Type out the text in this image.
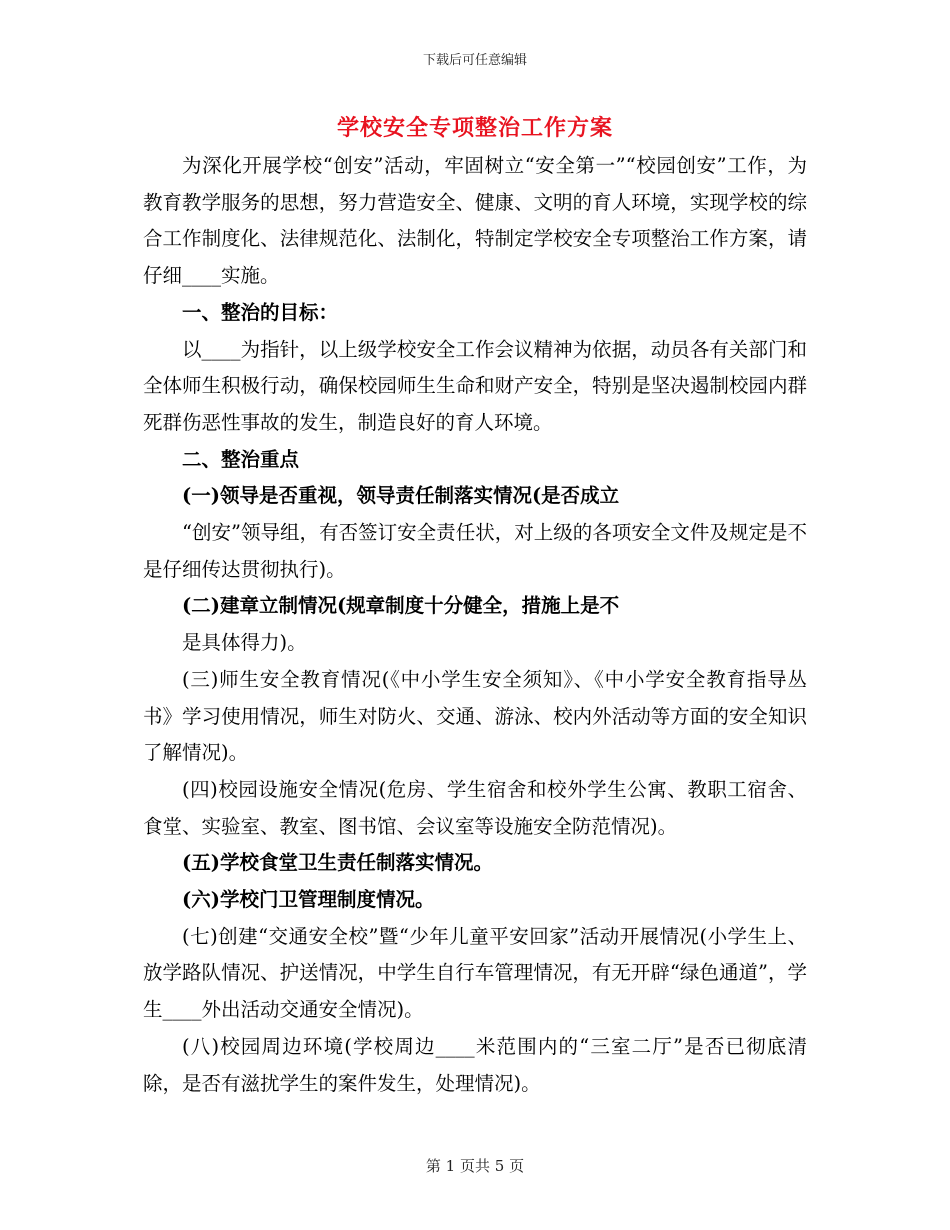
下载后可任意编辑
学校安全专项整治工作方案

为深化开展学校“创安”活动，牢固树立“安全第一”“校园创安”工作，为教育教学服务的思想，努力营造安全、健康、文明的育人环境，实现学校的综合工作制度化、法律规范化、法制化，特制定学校安全专项整治工作方案，请仔细____实施。

一、整治的目标：

以____为指针，以上级学校安全工作会议精神为依据，动员各有关部门和全体师生积极行动，确保校园师生生命和财产安全，特别是坚决遏制校园内群死群伤恶性事故的发生，制造良好的育人环境。

二、整治重点

(一)领导是否重视，领导责任制落实情况(是否成立

“创安”领导组，有否签订安全责任状，对上级的各项安全文件及规定是不是仔细传达贯彻执行)。

(二)建章立制情况(规章制度十分健全，措施上是不

是具体得力)。

(三)师生安全教育情况(《中小学生安全须知》、《中小学安全教育指导丛书》学习使用情况，师生对防火、交通、游泳、校内外活动等方面的安全知识了解情况)。

(四)校园设施安全情况(危房、学生宿舍和校外学生公寓、教职工宿舍、食堂、实验室、教室、图书馆、会议室等设施安全防范情况)。

(五)学校食堂卫生责任制落实情况。

(六)学校门卫管理制度情况。

(七)创建“交通安全校”暨“少年儿童平安回家”活动开展情况(小学生上、放学路队情况、护送情况，中学生自行车管理情况，有无开辟“绿色通道”，学生____外出活动交通安全情况)。

(八)校园周边环境(学校周边____米范围内的“三室二厅”是否已彻底清除，是否有滋扰学生的案件发生，处理情况)。

第 1 页共 5 页
